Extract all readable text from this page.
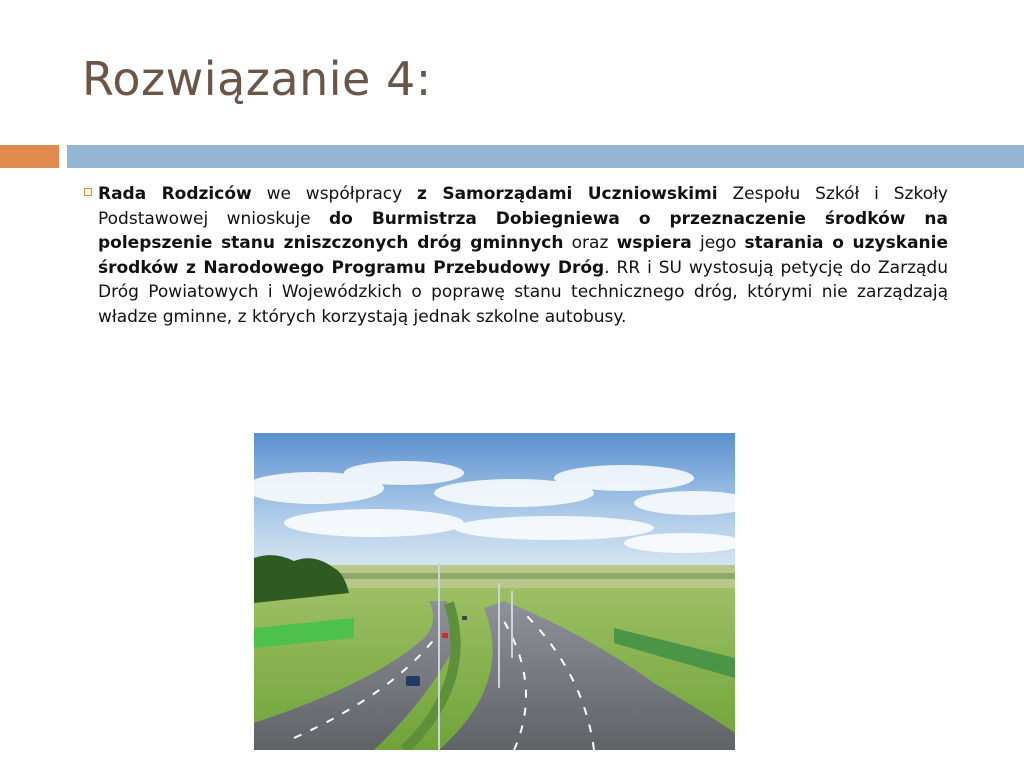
Rozwiązanie 4:
Rada Rodziców we współpracy z Samorządami Uczniowskimi Zespołu Szkół i Szkoły Podstawowej wnioskuje do Burmistrza Dobiegniewa o przeznaczenie środków na polepszenie stanu zniszczonych dróg gminnych oraz wspiera jego starania o uzyskanie środków z Narodowego Programu Przebudowy Dróg. RR i SU wystosują petycję do Zarządu Dróg Powiatowych i Wojewódzkich o poprawę stanu technicznego dróg, którymi nie zarządzają władze gminne, z których korzystają jednak szkolne autobusy.
